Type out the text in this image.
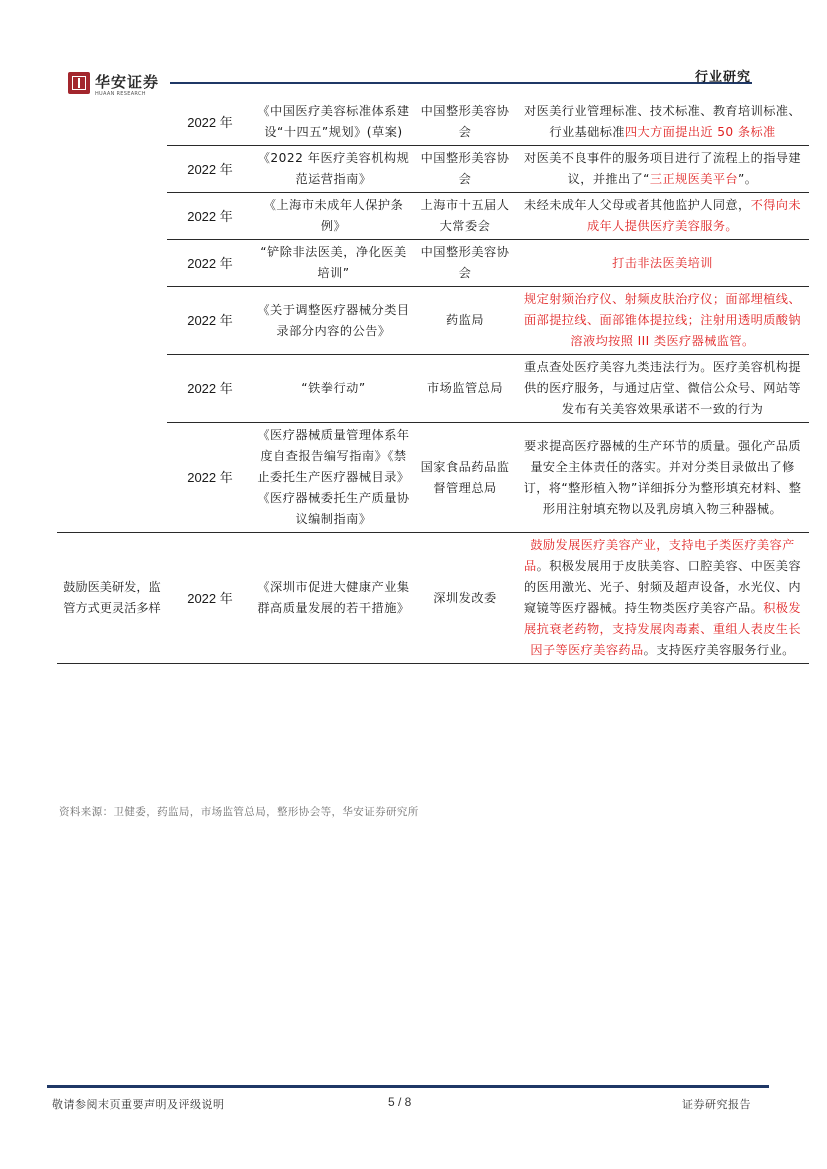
华安证券
HUAAN RESEARCH
行业研究
	2022 年	《中国医疗美容标准体系建设“十四五”规划》(草案)	中国整形美容协会	对医美行业管理标准、技术标准、教育培训标准、行业基础标准四大方面提出近 50 条标准
	2022 年	《2022 年医疗美容机构规范运营指南》	中国整形美容协会	对医美不良事件的服务项目进行了流程上的指导建议，并推出了“三正规医美平台”。
	2022 年	《上海市未成年人保护条例》	上海市十五届人大常委会	未经未成年人父母或者其他监护人同意，不得向未成年人提供医疗美容服务。
	2022 年	“铲除非法医美，净化医美培训”	中国整形美容协会	打击非法医美培训
	2022 年	《关于调整医疗器械分类目录部分内容的公告》	药监局	规定射频治疗仪、射频皮肤治疗仪；面部埋植线、面部提拉线、面部锥体提拉线；注射用透明质酸钠溶液均按照 III 类医疗器械监管。
	2022 年	“铁拳行动”	市场监管总局	重点查处医疗美容九类违法行为。医疗美容机构提供的医疗服务，与通过店堂、微信公众号、网站等发布有关美容效果承诺不一致的行为
	2022 年	《医疗器械质量管理体系年度自查报告编写指南》《禁止委托生产医疗器械目录》《医疗器械委托生产质量协议编制指南》	国家食品药品监督管理总局	要求提高医疗器械的生产环节的质量。强化产品质量安全主体责任的落实。并对分类目录做出了修订，将“整形植入物”详细拆分为整形填充材料、整形用注射填充物以及乳房填入物三种器械。
鼓励医美研发，监管方式更灵活多样	2022 年	《深圳市促进大健康产业集群高质量发展的若干措施》	深圳发改委	鼓励发展医疗美容产业，支持电子类医疗美容产品。积极发展用于皮肤美容、口腔美容、中医美容的医用激光、光子、射频及超声设备，水光仪、内窥镜等医疗器械。持生物类医疗美容产品。积极发展抗衰老药物，支持发展肉毒素、重组人表皮生长因子等医疗美容药品。支持医疗美容服务行业。
资料来源：卫健委，药监局，市场监管总局，整形协会等，华安证券研究所
敬请参阅末页重要声明及评级说明	5 / 8	证券研究报告
